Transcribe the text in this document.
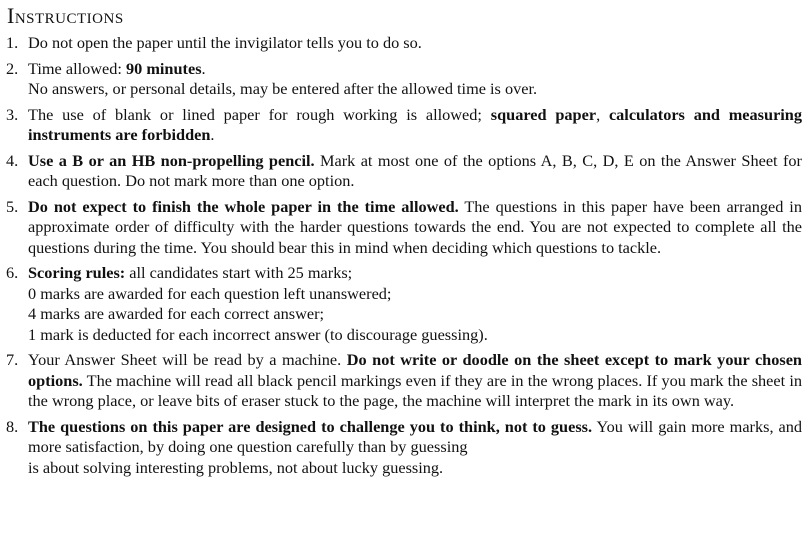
Instructions
1. Do not open the paper until the invigilator tells you to do so.
2. Time allowed: 90 minutes.
No answers, or personal details, may be entered after the allowed time is over.
3. The use of blank or lined paper for rough working is allowed; squared paper, calculators and measuring instruments are forbidden.
4. Use a B or an HB non-propelling pencil. Mark at most one of the options A, B, C, D, E on the Answer Sheet for each question. Do not mark more than one option.
5. Do not expect to finish the whole paper in the time allowed. The questions in this paper have been arranged in approximate order of difficulty with the harder questions towards the end. You are not expected to complete all the questions during the time. You should bear this in mind when deciding which questions to tackle.
6. Scoring rules: all candidates start with 25 marks;
0 marks are awarded for each question left unanswered;
4 marks are awarded for each correct answer;
1 mark is deducted for each incorrect answer (to discourage guessing).
7. Your Answer Sheet will be read by a machine. Do not write or doodle on the sheet except to mark your chosen options. The machine will read all black pencil markings even if they are in the wrong places. If you mark the sheet in the wrong place, or leave bits of eraser stuck to the page, the machine will interpret the mark in its own way.
8. The questions on this paper are designed to challenge you to think, not to guess. You will gain more marks, and more satisfaction, by doing one question carefully than by guessing
is about solving interesting problems, not about lucky guessing.
